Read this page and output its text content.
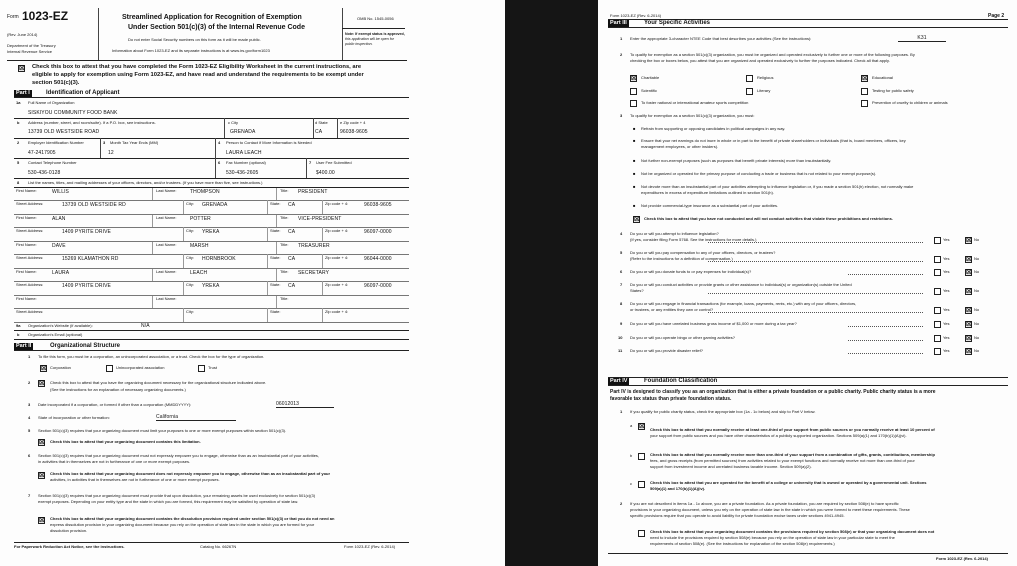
Form 1023-EZ
(Rev. June 2014)
Department of the Treasury
Internal Revenue Service
Streamlined Application for Recognition of Exemption
Under Section 501(c)(3) of the Internal Revenue Code
Do not enter Social Security numbers on this form as it will be made public.
Information about Form 1023-EZ and its separate instructions is at www.irs.gov/form1023
OMB No. 1545-0056
Note: If exempt status is approved,
this application will be open for
public inspection.
☒ Check this box to attest that you have completed the Form 1023-EZ Eligibility Worksheet in the current instructions, are
eligible to apply for exemption using Form 1023-EZ, and have read and understand the requirements to be exempt under
section 501(c)(3).
Part I	Identification of Applicant
1a Full Name of Organization
SISKIYOU COMMUNITY FOOD BANK
b Address (number, street, and room/suite). If a P.O. box, see instructions.
13739 OLD WESTSIDE ROAD
c City
GRENADA
d State
CA
e Zip code + 4
96038-9605
2 Employer Identification Number
47-2417905
3 Month Tax Year Ends (MM)
12
4 Person to Contact if More Information is Needed
LAURA LEACH
5 Contact Telephone Number
530-436-0128
6 Fax Number (optional)
530-436-2605
7 User Fee Submitted
$400.00
8 List the names, titles, and mailing addresses of your officers, directors, and/or trustees. (If you have more than five, see instructions.)
First Name:	WILLIS	Last Name:	THOMPSON	Title: PRESIDENT
Street Address:	13739 OLD WESTSIDE RD	City: GRENADA	State: CA	Zip code + 4:	96038-9605
First Name:	ALAN	Last Name:	POTTER	Title: VICE-PRESIDENT
Street Address:	1409 PYRITE DRIVE	City: YREKA	State: CA	Zip code + 4:	96097-0000
First Name:	DAVE	Last Name:	MARSH	Title: TREASURER
Street Address:	15269 KLAMATHON RD	City: HORNBROOK	State: CA	Zip code + 4:	96044-0000
First Name:	LAURA	Last Name:	LEACH	Title: SECRETARY
Street Address:	1409 PYRITE DRIVE	City: YREKA	State: CA	Zip code + 4:	96097-0000
First Name:	Last Name:	Title:
Street Address:	City:	State:	Zip code + 4:
9a Organization's Website (if available):	N/A
b Organization's Email (optional)
Part II	Organizational Structure
1 To file this form, you must be a corporation, an unincorporated association, or a trust. Check the box for the type of organization.
☒ Corporation	Unincorporated association	Trust
2 ☒ Check this box to attest that you have the organizing document necessary for the organizational structure indicated above.
(See the instructions for an explanation of necessary organizing documents.)
3 Date incorporated if a corporation, or formed if other than a corporation (MMDDYYYY):	06012013
4 State of incorporation or other formation:	California
5 Section 501(c)(3) requires that your organizing document must limit your purposes to one or more exempt purposes within section 501(c)(3).
☒ Check this box to attest that your organizing document contains this limitation.
6 Section 501(c)(3) requires that your organizing document must not expressly empower you to engage, otherwise than as an insubstantial part of your activities,
in activities that in themselves are not in furtherance of one or more exempt purposes.
☒ Check this box to attest that your organizing document does not expressly empower you to engage, otherwise than as an insubstantial part of your
activities, in activities that in themselves are not in furtherance of one or more exempt purposes.
7 Section 501(c)(3) requires that your organizing document must provide that upon dissolution, your remaining assets be used exclusively for section 501(c)(3)
exempt purposes. Depending on your entity type and the state in which you are formed, this requirement may be satisfied by operation of state law.
☒ Check this box to attest that your organizing document contains the dissolution provision required under section 501(c)(3) or that you do not need an
express dissolution provision in your organizing document because you rely on the operation of state law in the state in which you are formed for your
dissolution provision.
For Paperwork Reduction Act Notice, see the instructions.	Catalog No. 66267N	Form 1023-EZ (Rev. 6-2014)
Form 1023-EZ (Rev. 6-2014)	Page 2
Part III	Your Specific Activities
1 Enter the appropriate 3-character NTEE Code that best describes your activities (See the instructions):	K31
2 To qualify for exemption as a section 501(c)(3) organization, you must be organized and operated exclusively to further one or more of the following purposes. By
checking the box or boxes below, you attest that you are organized and operated exclusively to further the purposes indicated. Check all that apply.
☒ Charitable	Religious	☒ Educational
Scientific	Literary	Testing for public safety
To foster national or international amateur sports competition	Prevention of cruelty to children or animals
3 To qualify for exemption as a section 501(c)(3) organization, you must:
■ Refrain from supporting or opposing candidates in political campaigns in any way.
■ Ensure that your net earnings do not inure in whole or in part to the benefit of private shareholders or individuals (that is, board members, officers, key
management employees, or other insiders).
■ Not further non-exempt purposes (such as purposes that benefit private interests) more than insubstantially.
■ Not be organized or operated for the primary purpose of conducting a trade or business that is not related to your exempt purpose(s).
■ Not devote more than an insubstantial part of your activities attempting to influence legislation or, if you made a section 501(h) election, not normally make
expenditures in excess of expenditure limitations outlined in section 501(h).
■ Not provide commercial-type insurance as a substantial part of your activities.
☒ Check this box to attest that you have not conducted and will not conduct activities that violate these prohibitions and restrictions.
4 Do you or will you attempt to influence legislation?
(If yes, consider filing Form 5768. See the instructions for more details.)	Yes	☒ No
5 Do you or will you pay compensation to any of your officers, directors, or trustees?
(Refer to the instructions for a definition of compensation.)	Yes	☒ No
6 Do you or will you donate funds to or pay expenses for individual(s)?	Yes	☒ No
7 Do you or will you conduct activities or provide grants or other assistance to individual(s) or organization(s) outside the United
States?	Yes	☒ No
8 Do you or will you engage in financial transactions (for example, loans, payments, rents, etc.) with any of your officers, directors,
or trustees, or any entities they own or control?	Yes	☒ No
9 Do you or will you have unrelated business gross income of $1,000 or more during a tax year?	Yes	☒ No
10 Do you or will you operate bingo or other gaming activities?	Yes	☒ No
11 Do you or will you provide disaster relief?	Yes	☒ No
Part IV	Foundation Classification
Part IV is designed to classify you as an organization that is either a private foundation or a public charity. Public charity status is a more
favorable tax status than private foundation status.
1 If you qualify for public charity status, check the appropriate box (1a - 1c below) and skip to Part V below.
a ☒ Check this box to attest that you normally receive at least one-third of your support from public sources or you normally receive at least 10 percent of
your support from public sources and you have other characteristics of a publicly supported organization. Sections 509(a)(1) and 170(b)(1)(A)(vi).
b	Check this box to attest that you normally receive more than one-third of your support from a combination of gifts, grants, contributions, membership
fees, and gross receipts (from permitted sources) from activities related to your exempt functions and normally receive not more than one-third of your
support from investment income and unrelated business taxable income. Section 509(a)(2).
c	Check this box to attest that you are operated for the benefit of a college or university that is owned or operated by a governmental unit. Sections
509(a)(1) and 170(b)(1)(A)(iv).
2 If you are not described in items 1a - 1c above, you are a private foundation. As a private foundation, you are required by section 508(e) to have specific
provisions in your organizing document, unless you rely on the operation of state law in the state in which you were formed to meet these requirements. These
specific provisions require that you operate to avoid liability for private foundation excise taxes under sections 4941-4945.
Check this box to attest that your organizing document contains the provisions required by section 508(e) or that your organizing document does not
need to include the provisions required by section 508(e) because you rely on the operation of state law in your particular state to meet the
requirements of section 508(e). (See the instructions for explanation of the section 508(e) requirements.)
Form 1023-EZ (Rev. 6-2014)
